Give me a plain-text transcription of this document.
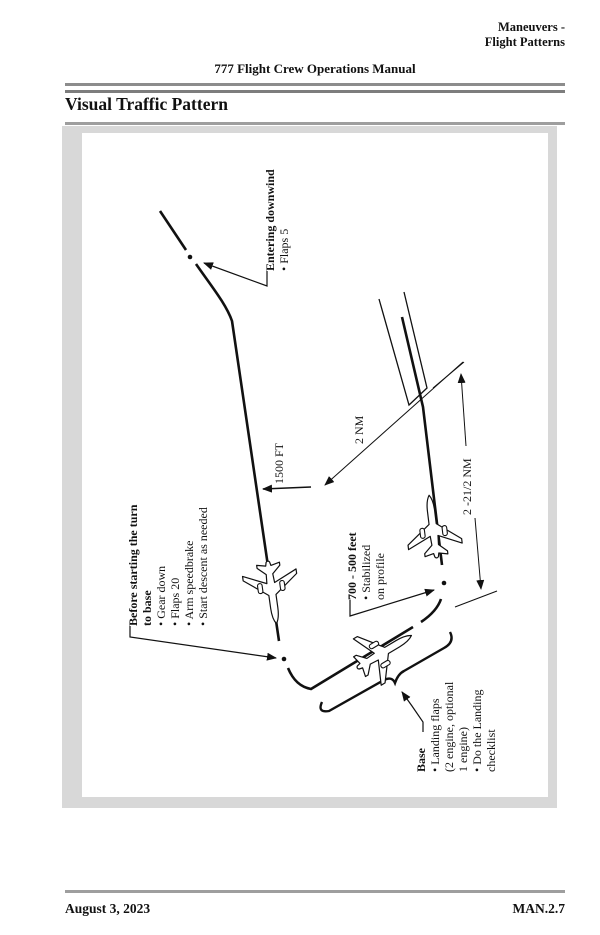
Maneuvers -
Flight Patterns
777 Flight Crew Operations Manual
Visual Traffic Pattern
Entering downwind • Flaps 5
1500 FT
2 NM
2 -21/2 NM
Before starting the turn to base • Gear down • Flaps 20 • Arm speedbrake • Start descent as needed	700 - 500 feet • Stabilized on profile
Base • Landing flaps (2 engine, optional 1 engine) • Do the Landing checklist
August 3, 2023	MAN.2.7
